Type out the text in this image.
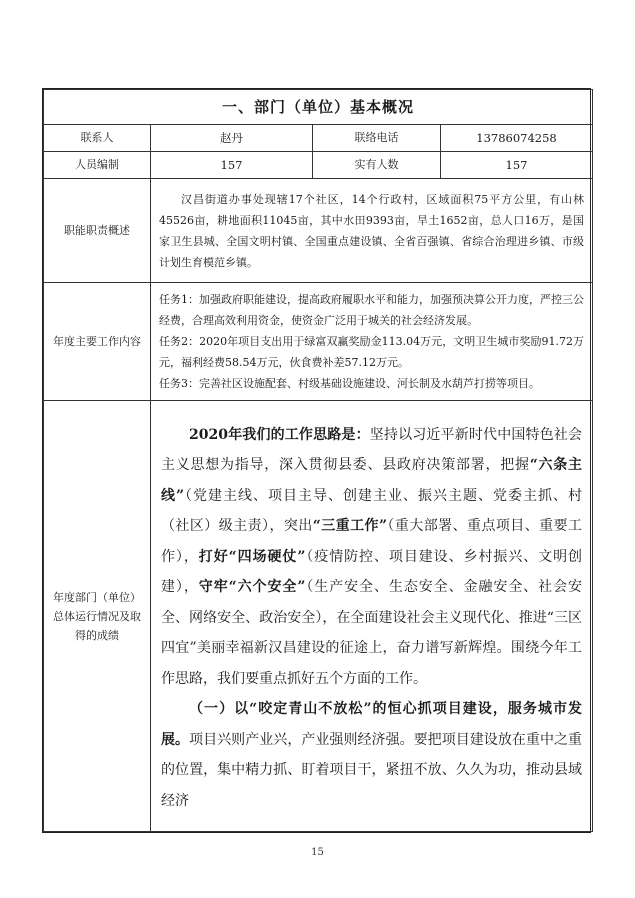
一、部门（单位）基本概况			
联系人	赵丹	联络电话	13786074258
人员编制	157	实有人数	157
职能职责概述	汉昌街道办事处现辖17个社区，14个行政村，区域面积75平方公里，有山林45526亩，耕地面积11045亩，其中水田9393亩，旱土1652亩，总人口16万，是国家卫生县城、全国文明村镇、全国重点建设镇、全省百强镇、省综合治理进乡镇、市级计划生育模范乡镇。		
年度主要工作内容	任务1：加强政府职能建设，提高政府履职水平和能力，加强预决算公开力度，严控三公经费，合理高效利用资金，使资金广泛用于城关的社会经济发展。

任务2：2020年项目支出用于绿富双赢奖励金113.04万元，文明卫生城市奖励91.72万元，福利经费58.54万元，伙食费补差57.12万元。

任务3：完善社区设施配套、村级基础设施建设、河长制及水葫芦打捞等项目。		

年度部门（单位）总体运行情况及取得的成绩	2020年我们的工作思路是：坚持以习近平新时代中国特色社会主义思想为指导，深入贯彻县委、县政府决策部署，把握“六条主线”（党建主线、项目主导、创建主业、振兴主题、党委主抓、村（社区）级主责），突出“三重工作”（重大部署、重点项目、重要工作），打好“四场硬仗”（疫情防控、项目建设、乡村振兴、文明创建），守牢“六个安全”（生产安全、生态安全、金融安全、社会安全、网络安全、政治安全），在全面建设社会主义现代化、推进“三区四宜”美丽幸福新汉昌建设的征途上，奋力谱写新辉煌。围绕今年工作思路，我们要重点抓好五个方面的工作。

（一）以“咬定青山不放松”的恒心抓项目建设，服务城市发展。项目兴则产业兴，产业强则经济强。要把项目建设放在重中之重的位置，集中精力抓、盯着项目干，紧扭不放、久久为功，推动县域经济		

15
